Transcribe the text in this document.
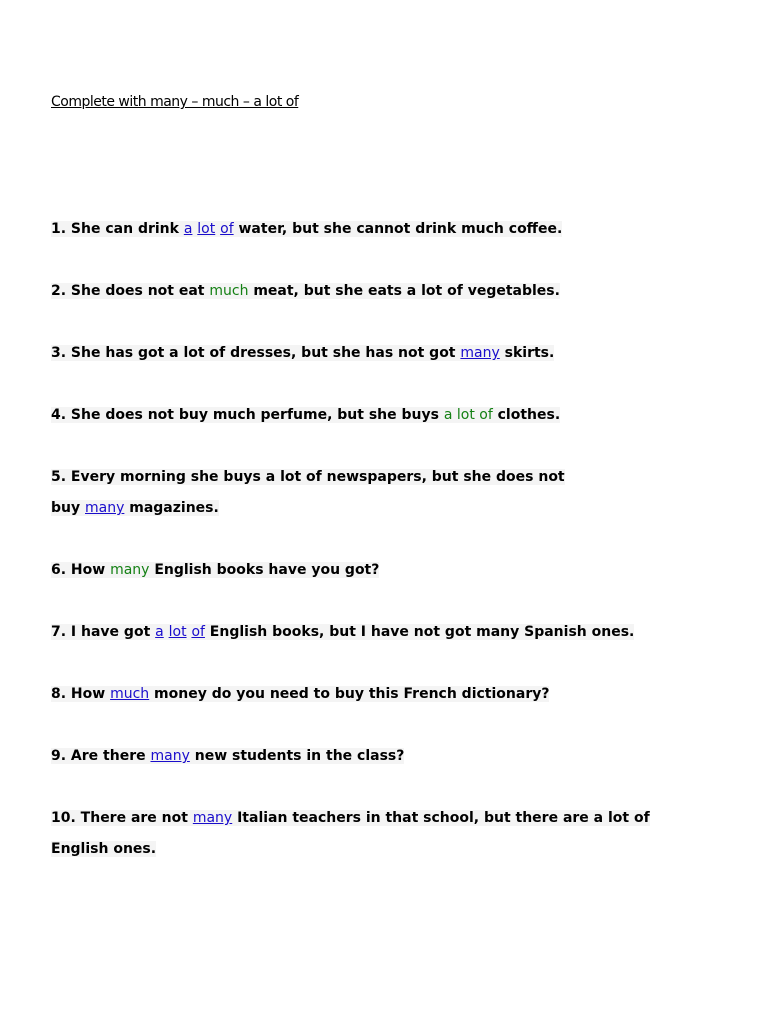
Complete with many – much – a lot of
1. She can drink a lot of water, but she cannot drink much coffee.
2. She does not eat much meat, but she eats a lot of vegetables.
3. She has got a lot of dresses, but she has not got many skirts.
4. She does not buy much perfume, but she buys a lot of clothes.
5. Every morning she buys a lot of newspapers, but she does not
buy many magazines.
6. How many English books have you got?
7. I have got a lot of English books, but I have not got many Spanish ones.
8. How much money do you need to buy this French dictionary?
9. Are there many new students in the class?
10. There are not many Italian teachers in that school, but there are a lot of
English ones.
